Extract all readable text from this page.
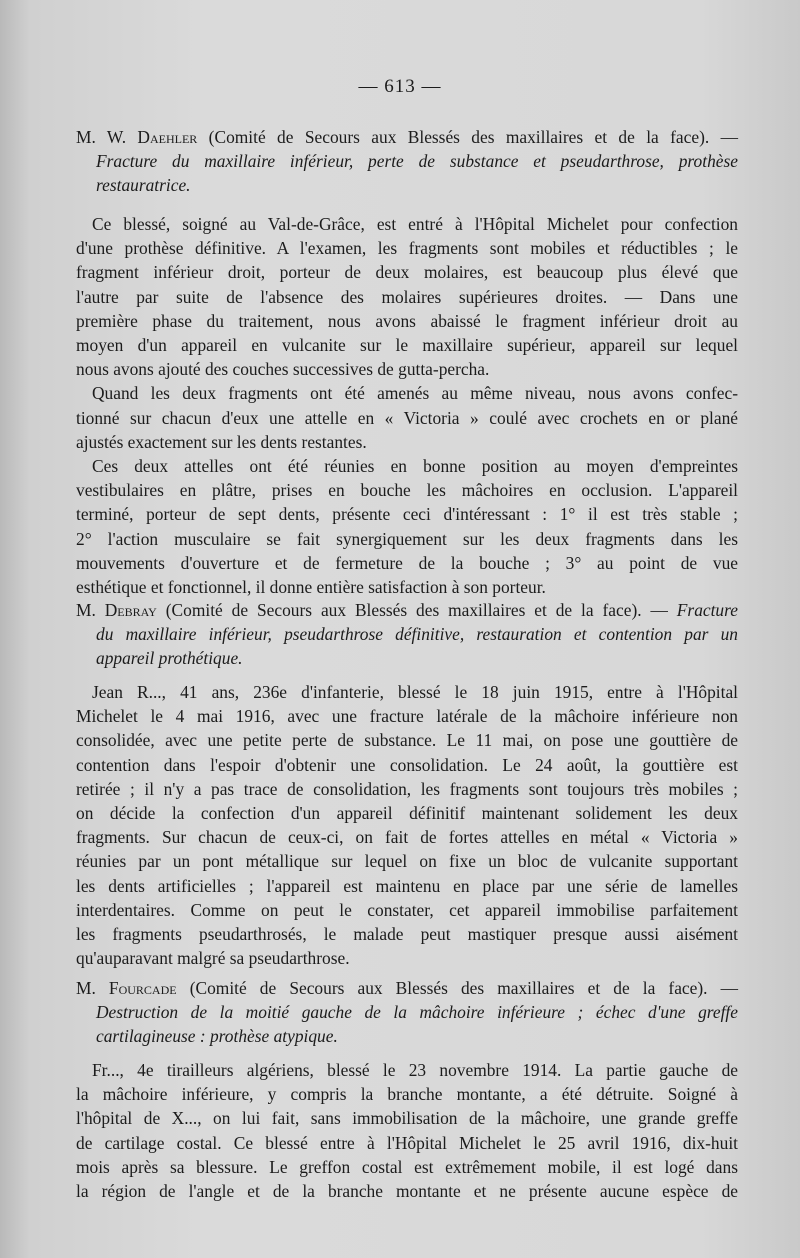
— 613 —
M. W. Daehler (Comité de Secours aux Blessés des maxillaires et de la face). —
Fracture du maxillaire inférieur, perte de substance et pseudarthrose, prothèse
restauratrice.
Ce blessé, soigné au Val-de-Grâce, est entré à l'Hôpital Michelet pour confection
d'une prothèse définitive. A l'examen, les fragments sont mobiles et réductibles ; le
fragment inférieur droit, porteur de deux molaires, est beaucoup plus élevé que
l'autre par suite de l'absence des molaires supérieures droites. — Dans une
première phase du traitement, nous avons abaissé le fragment inférieur droit au
moyen d'un appareil en vulcanite sur le maxillaire supérieur, appareil sur lequel
nous avons ajouté des couches successives de gutta-percha.
Quand les deux fragments ont été amenés au même niveau, nous avons confec-
tionné sur chacun d'eux une attelle en « Victoria » coulé avec crochets en or plané
ajustés exactement sur les dents restantes.
Ces deux attelles ont été réunies en bonne position au moyen d'empreintes
vestibulaires en plâtre, prises en bouche les mâchoires en occlusion. L'appareil
terminé, porteur de sept dents, présente ceci d'intéressant : 1° il est très stable ;
2° l'action musculaire se fait synergiquement sur les deux fragments dans les
mouvements d'ouverture et de fermeture de la bouche ; 3° au point de vue
esthétique et fonctionnel, il donne entière satisfaction à son porteur.
M. Debray (Comité de Secours aux Blessés des maxillaires et de la face). — Fracture
du maxillaire inférieur, pseudarthrose définitive, restauration et contention par un
appareil prothétique.
Jean R..., 41 ans, 236e d'infanterie, blessé le 18 juin 1915, entre à l'Hôpital
Michelet le 4 mai 1916, avec une fracture latérale de la mâchoire inférieure non
consolidée, avec une petite perte de substance. Le 11 mai, on pose une gouttière de
contention dans l'espoir d'obtenir une consolidation. Le 24 août, la gouttière est
retirée ; il n'y a pas trace de consolidation, les fragments sont toujours très mobiles ;
on décide la confection d'un appareil définitif maintenant solidement les deux
fragments. Sur chacun de ceux-ci, on fait de fortes attelles en métal « Victoria »
réunies par un pont métallique sur lequel on fixe un bloc de vulcanite supportant
les dents artificielles ; l'appareil est maintenu en place par une série de lamelles
interdentaires. Comme on peut le constater, cet appareil immobilise parfaitement
les fragments pseudarthrosés, le malade peut mastiquer presque aussi aisément
qu'auparavant malgré sa pseudarthrose.
M. Fourcade (Comité de Secours aux Blessés des maxillaires et de la face). —
Destruction de la moitié gauche de la mâchoire inférieure ; échec d'une greffe
cartilagineuse : prothèse atypique.
Fr..., 4e tirailleurs algériens, blessé le 23 novembre 1914. La partie gauche de
la mâchoire inférieure, y compris la branche montante, a été détruite. Soigné à
l'hôpital de X..., on lui fait, sans immobilisation de la mâchoire, une grande greffe
de cartilage costal. Ce blessé entre à l'Hôpital Michelet le 25 avril 1916, dix-huit
mois après sa blessure. Le greffon costal est extrêmement mobile, il est logé dans
la région de l'angle et de la branche montante et ne présente aucune espèce de
